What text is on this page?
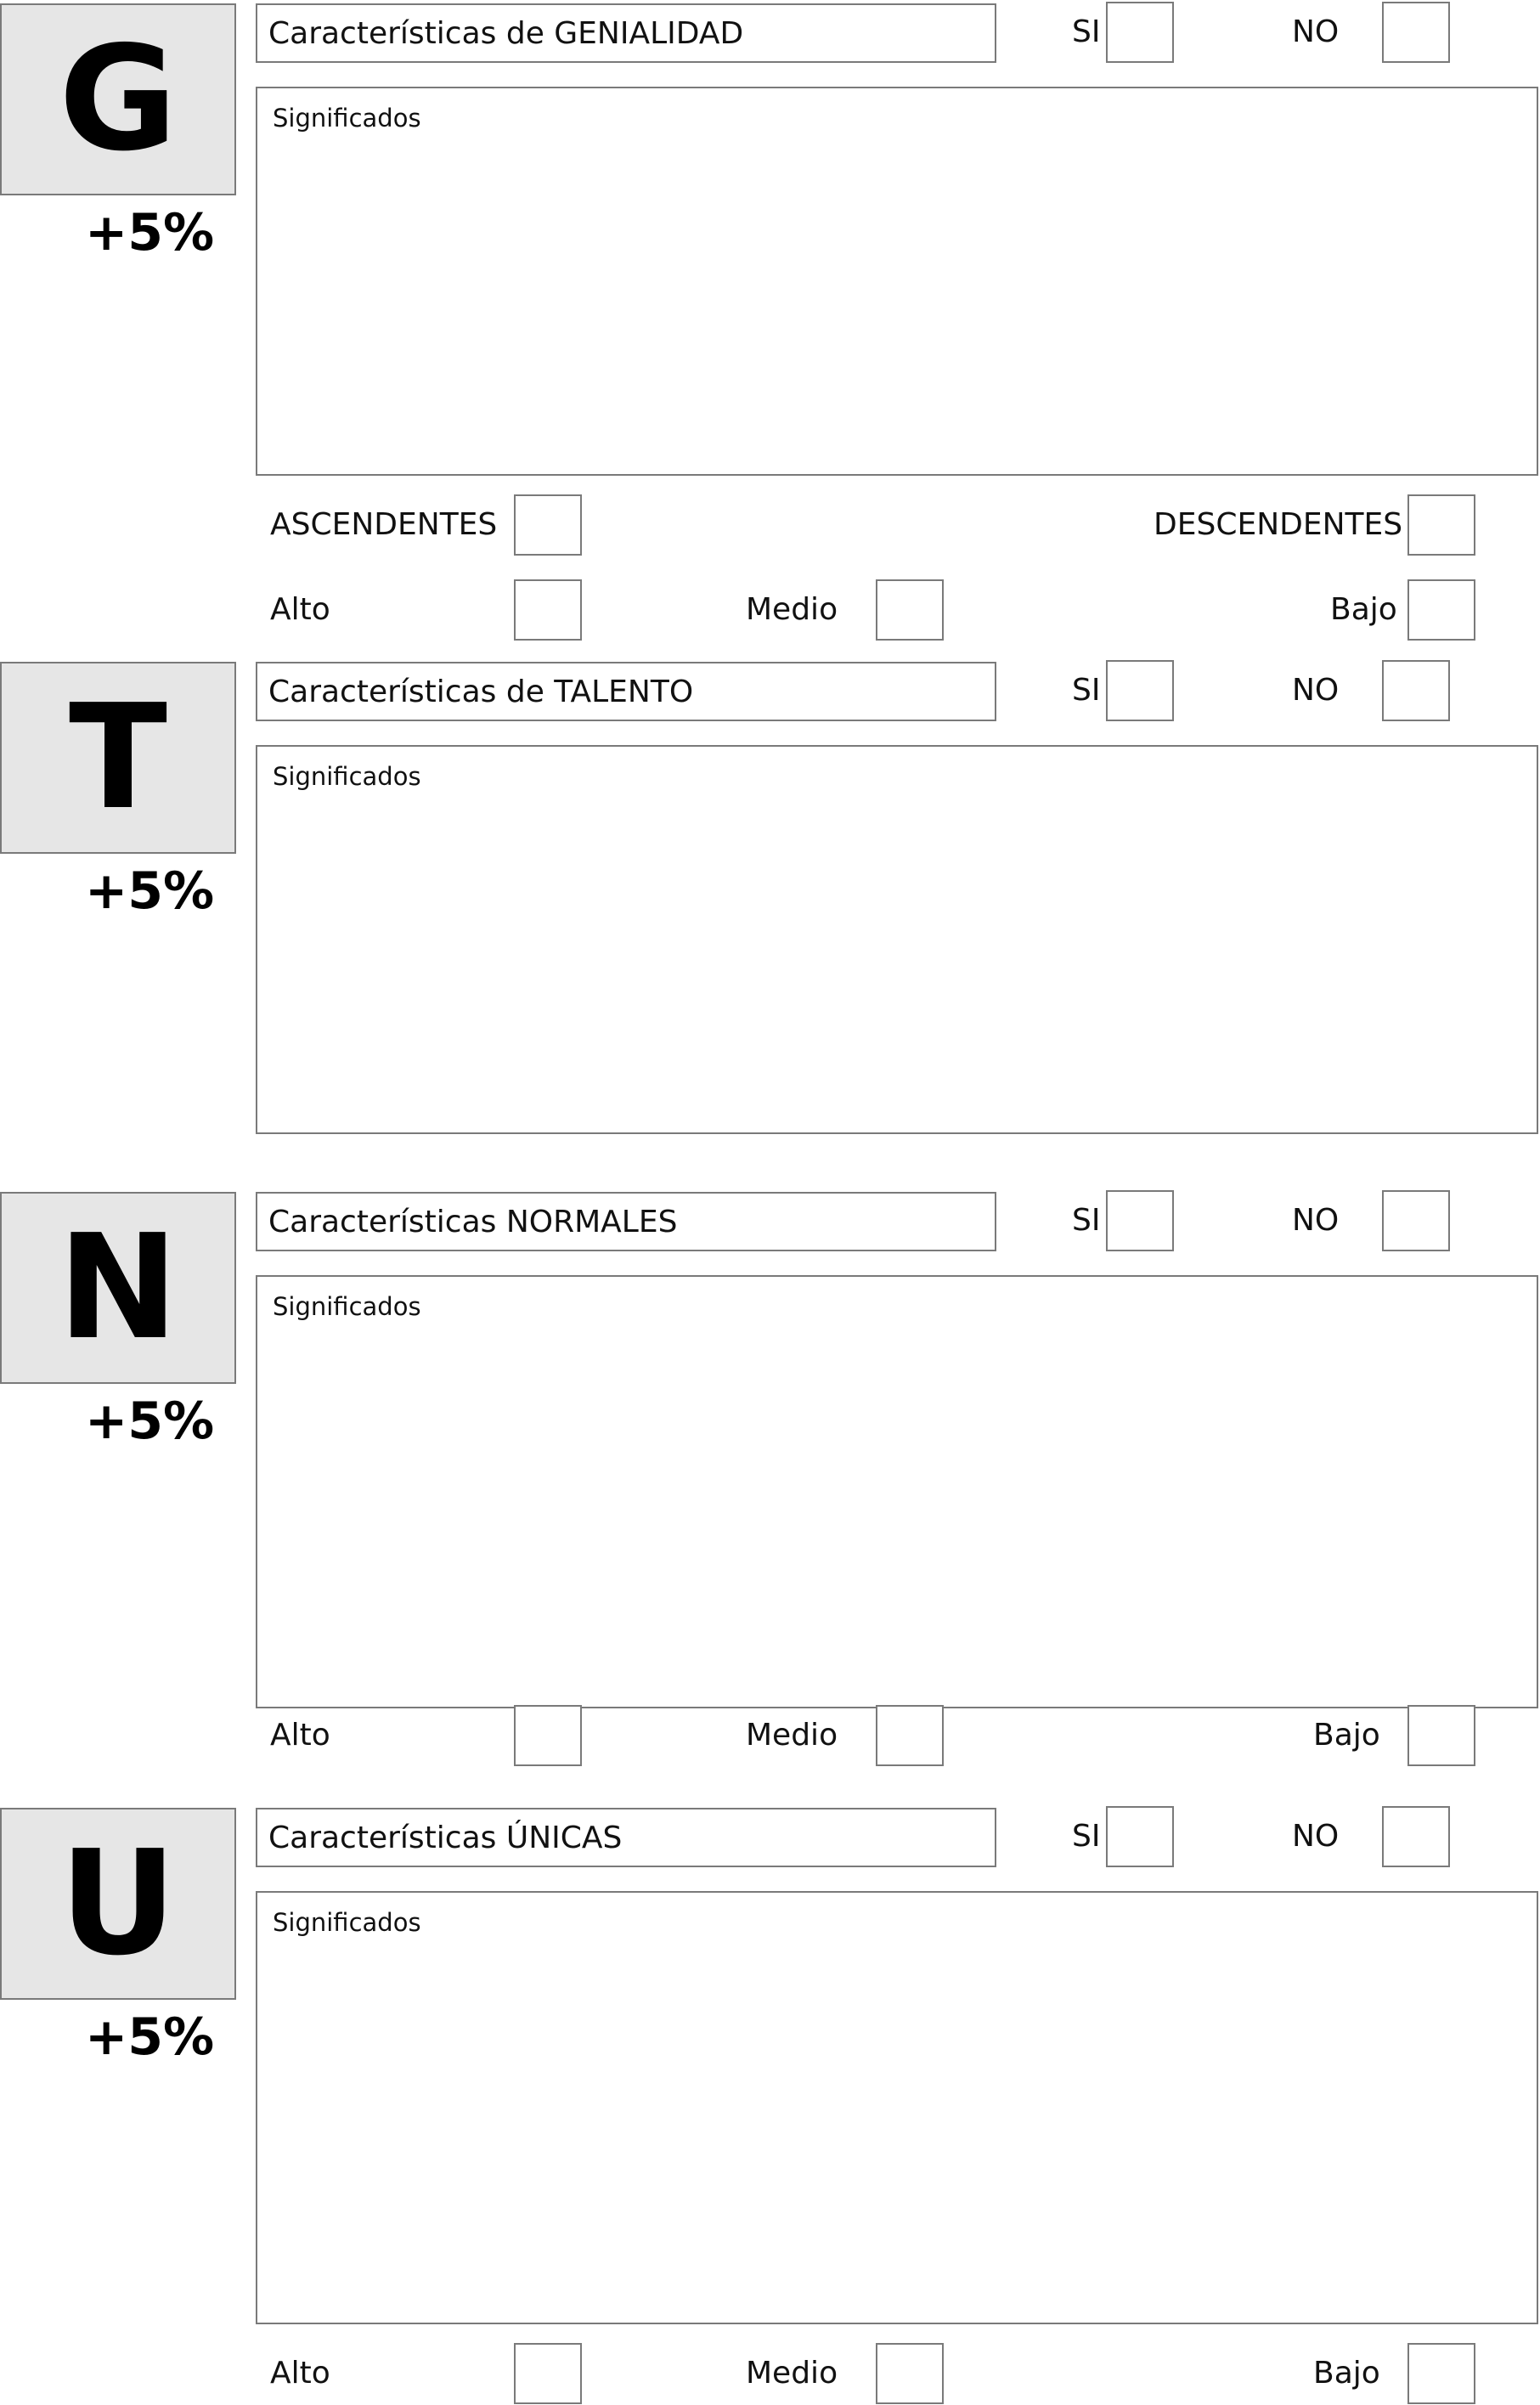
G
+5%
Características de GENIALIDAD	SI	NO
Significados
ASCENDENTES	DESCENDENTES
Alto	Medio	Bajo
T
+5%
Características de TALENTO	SI	NO
Significados
N
+5%
Características NORMALES	SI	NO
Significados
Alto	Medio	Bajo
U
+5%
Características ÚNICAS	SI	NO
Significados
Alto	Medio	Bajo
